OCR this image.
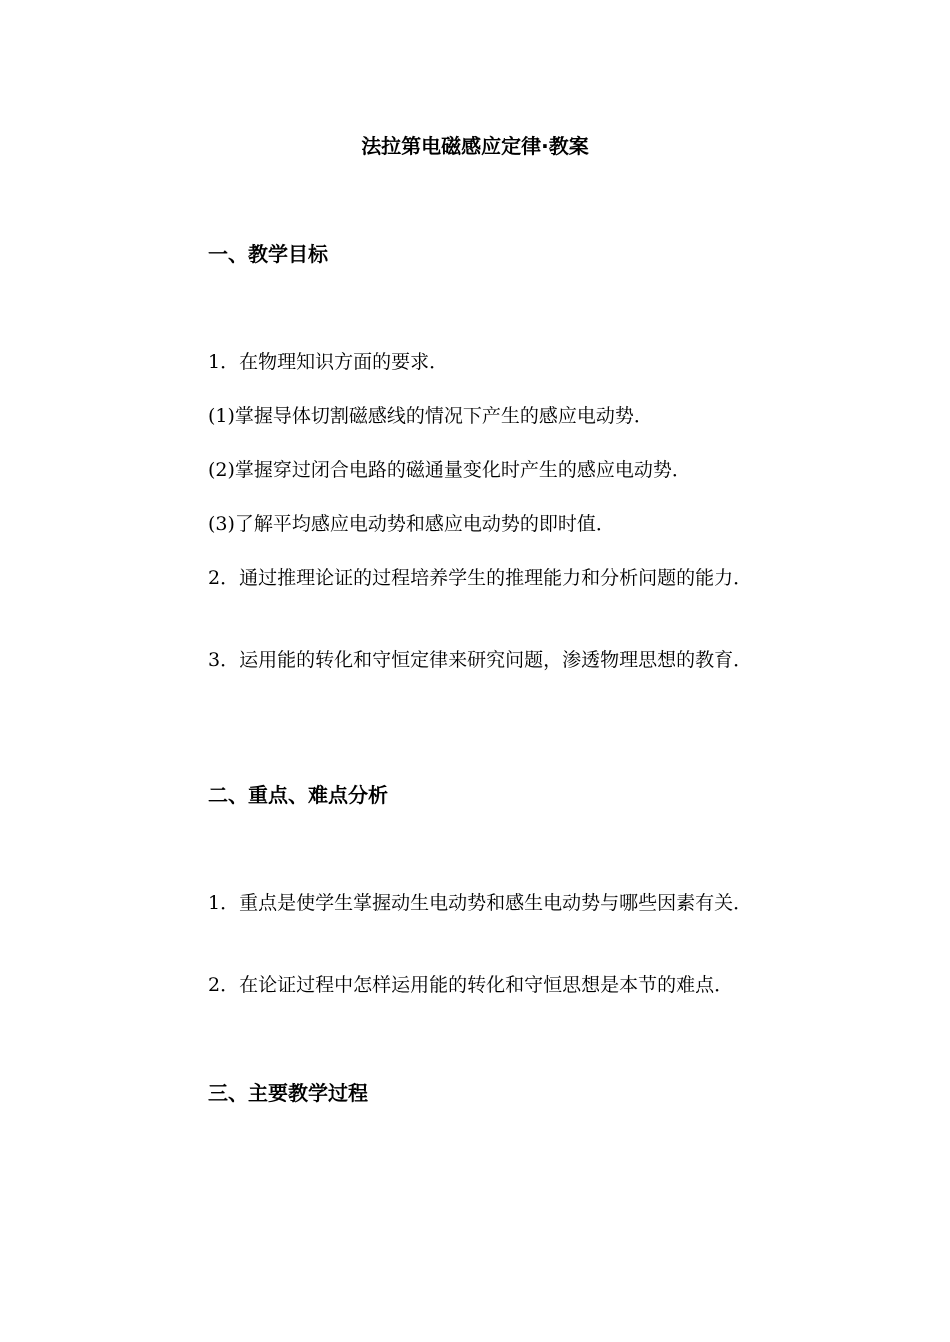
法拉第电磁感应定律·教案
一、教学目标
1．在物理知识方面的要求．
(1)掌握导体切割磁感线的情况下产生的感应电动势．
(2)掌握穿过闭合电路的磁通量变化时产生的感应电动势．
(3)了解平均感应电动势和感应电动势的即时值．
2．通过推理论证的过程培养学生的推理能力和分析问题的能力．
3．运用能的转化和守恒定律来研究问题，渗透物理思想的教育．
二、重点、难点分析
1．重点是使学生掌握动生电动势和感生电动势与哪些因素有关．
2．在论证过程中怎样运用能的转化和守恒思想是本节的难点．
三、主要教学过程
